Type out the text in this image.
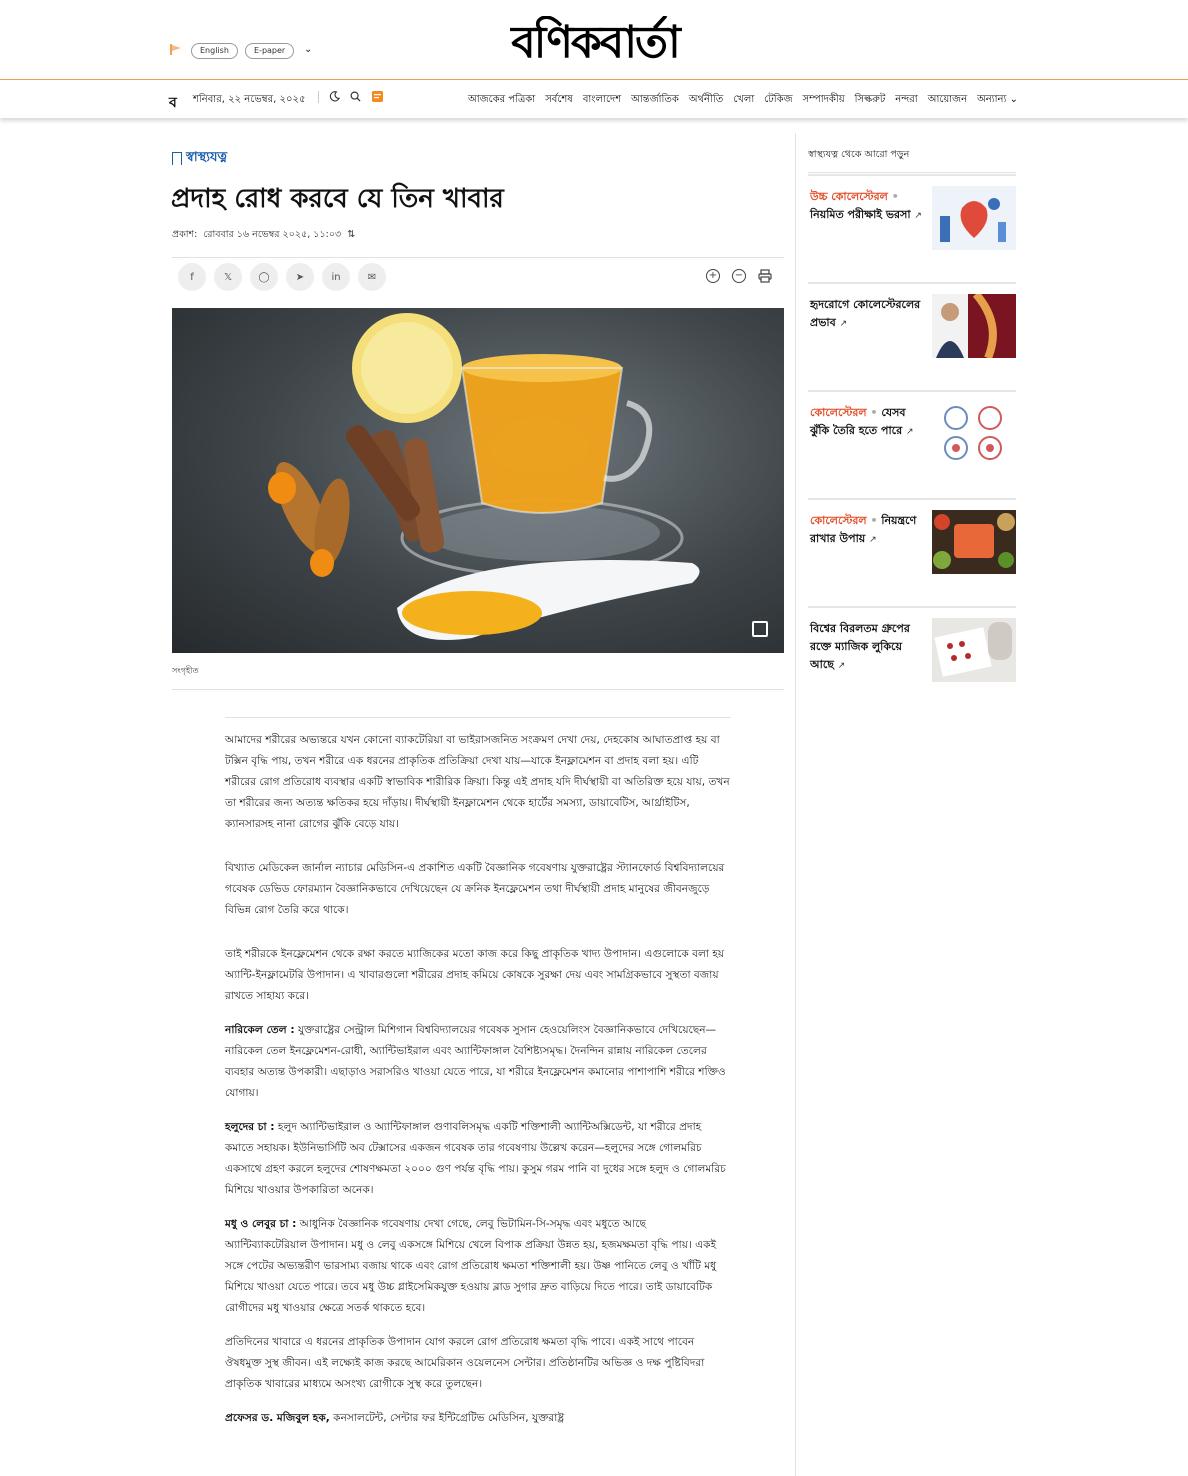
English	E-paper	⌄	বণিকবার্তা
ব শনিবার, ২২ নভেম্বর, ২০২৫	আজকের পত্রিকা সর্বশেষ বাংলাদেশ আন্তর্জাতিক অর্থনীতি খেলা টেকিজ সম্পাদকীয় সিল্করুট নন্দরা আয়োজন অন্যান্য ⌄
স্বাস্থ্যযত্ন
প্রদাহ রোধ করবে যে তিন খাবার
প্রকাশ: রোববার ১৬ নভেম্বর ২০২৫, ১১:০৩ ⇅
f	𝕏	◯	➤	in	✉	+ −
সংগৃহীত

আমাদের শরীরের অভ্যন্তরে যখন কোনো ব্যাকটেরিয়া বা ভাইরাসজনিত সংক্রমণ দেখা দেয়, দেহকোষ আঘাতপ্রাপ্ত হয় বা টক্সিন বৃদ্ধি পায়, তখন শরীরে এক ধরনের প্রাকৃতিক প্রতিক্রিয়া দেখা যায়—যাকে ইনফ্লামেশন বা প্রদাহ বলা হয়। এটি শরীরের রোগ প্রতিরোধ ব্যবস্থার একটি স্বাভাবিক শারীরিক ক্রিয়া। কিন্তু এই প্রদাহ যদি দীর্ঘস্থায়ী বা অতিরিক্ত হয়ে যায়, তখন তা শরীরের জন্য অত্যন্ত ক্ষতিকর হয়ে দাঁড়ায়। দীর্ঘস্থায়ী ইনফ্লামেশন থেকে হার্টের সমস্যা, ডায়াবেটিস, আর্থ্রাইটিস, ক্যানসারসহ নানা রোগের ঝুঁকি বেড়ে যায়।

বিখ্যাত মেডিকেল জার্নাল ন্যাচার মেডিসিন-এ প্রকাশিত একটি বৈজ্ঞানিক গবেষণায় যুক্তরাষ্ট্রের স্ট্যানফোর্ড বিশ্ববিদ্যালয়ের গবেষক ডেভিড ফোরম্যান বৈজ্ঞানিকভাবে দেখিয়েছেন যে ক্রনিক ইনফ্লেমেশন তথা দীর্ঘস্থায়ী প্রদাহ মানুষের জীবনজুড়ে বিভিন্ন রোগ তৈরি করে থাকে।

তাই শরীরকে ইনফ্লেমেশন থেকে রক্ষা করতে ম্যাজিকের মতো কাজ করে কিছু প্রাকৃতিক খাদ্য উপাদান। এগুলোকে বলা হয় অ্যান্টি-ইনফ্লামেটরি উপাদান। এ খাবারগুলো শরীরের প্রদাহ কমিয়ে কোষকে সুরক্ষা দেয় এবং সামগ্রিকভাবে সুস্থতা বজায় রাখতে সাহায্য করে।

নারিকেল তেল : যুক্তরাষ্ট্রের সেন্ট্রাল মিশিগান বিশ্ববিদ্যালয়ের গবেষক সুসান হেওয়েলিংস বৈজ্ঞানিকভাবে দেখিয়েছেন—নারিকেল তেল ইনফ্লেমেশন-রোধী, অ্যান্টিভাইরাল এবং অ্যান্টিফাঙ্গাল বৈশিষ্ট্যসমৃদ্ধ। দৈনন্দিন রান্নায় নারিকেল তেলের ব্যবহার অত্যন্ত উপকারী। এছাড়াও সরাসরিও খাওয়া যেতে পারে, যা শরীরে ইনফ্লেমেশন কমানোর পাশাপাশি শরীরে শক্তিও যোগায়।

হলুদের চা : হলুদ অ্যান্টিভাইরাল ও অ্যান্টিফাঙ্গাল গুণাবলিসমৃদ্ধ একটি শক্তিশালী অ্যান্টিঅক্সিডেন্ট, যা শরীরে প্রদাহ কমাতে সহায়ক। ইউনিভার্সিটি অব টেক্সাসের একজন গবেষক তার গবেষণায় উল্লেখ করেন—হলুদের সঙ্গে গোলমরিচ একসাথে গ্রহণ করলে হলুদের শোষণক্ষমতা ২০০০ গুণ পর্যন্ত বৃদ্ধি পায়। কুসুম গরম পানি বা দুধের সঙ্গে হলুদ ও গোলমরিচ মিশিয়ে খাওয়ার উপকারিতা অনেক।

মধু ও লেবুর চা : আধুনিক বৈজ্ঞানিক গবেষণায় দেখা গেছে, লেবু ভিটামিন-সি-সমৃদ্ধ এবং মধুতে আছে অ্যান্টিব্যাকটেরিয়াল উপাদান। মধু ও লেবু একসঙ্গে মিশিয়ে খেলে বিপাক প্রক্রিয়া উন্নত হয়, হজমক্ষমতা বৃদ্ধি পায়। একই সঙ্গে পেটের অভ্যন্তরীণ ভারসাম্য বজায় থাকে এবং রোগ প্রতিরোধ ক্ষমতা শক্তিশালী হয়। উষ্ণ পানিতে লেবু ও খাঁটি মধু মিশিয়ে খাওয়া যেতে পারে। তবে মধু উচ্চ গ্লাইসেমিকযুক্ত হওয়ায় ব্লাড সুগার দ্রুত বাড়িয়ে দিতে পারে। তাই ডায়াবেটিক রোগীদের মধু খাওয়ার ক্ষেত্রে সতর্ক থাকতে হবে।

প্রতিদিনের খাবারে এ ধরনের প্রাকৃতিক উপাদান যোগ করলে রোগ প্রতিরোধ ক্ষমতা বৃদ্ধি পাবে। একই সাথে পাবেন ঔষধমুক্ত সুস্থ জীবন। এই লক্ষ্যেই কাজ করছে আমেরিকান ওয়েলনেস সেন্টার। প্রতিষ্ঠানটির অভিজ্ঞ ও দক্ষ পুষ্টিবিদরা প্রাকৃতিক খাবারের মাধ্যমে অসংখ্য রোগীকে সুস্থ করে তুলছেন।

প্রফেসর ড. মজিবুল হক, কনসালটেন্ট, সেন্টার ফর ইন্টিগ্রেটিভ মেডিসিন, যুক্তরাষ্ট্র

স্বাস্থ্যযত্ন থেকে আরো পড়ুন
উচ্চ কোলেস্টেরল • নিয়মিত পরীক্ষাই ভরসা ↗
হৃদরোগে কোলেস্টেরলের প্রভাব ↗
কোলেস্টেরল • যেসব ঝুঁকি তৈরি হতে পারে ↗
কোলেস্টেরল • নিয়ন্ত্রণে রাখার উপায় ↗
বিশ্বের বিরলতম গ্রুপের রক্তে ম্যাজিক লুকিয়ে আছে ↗
